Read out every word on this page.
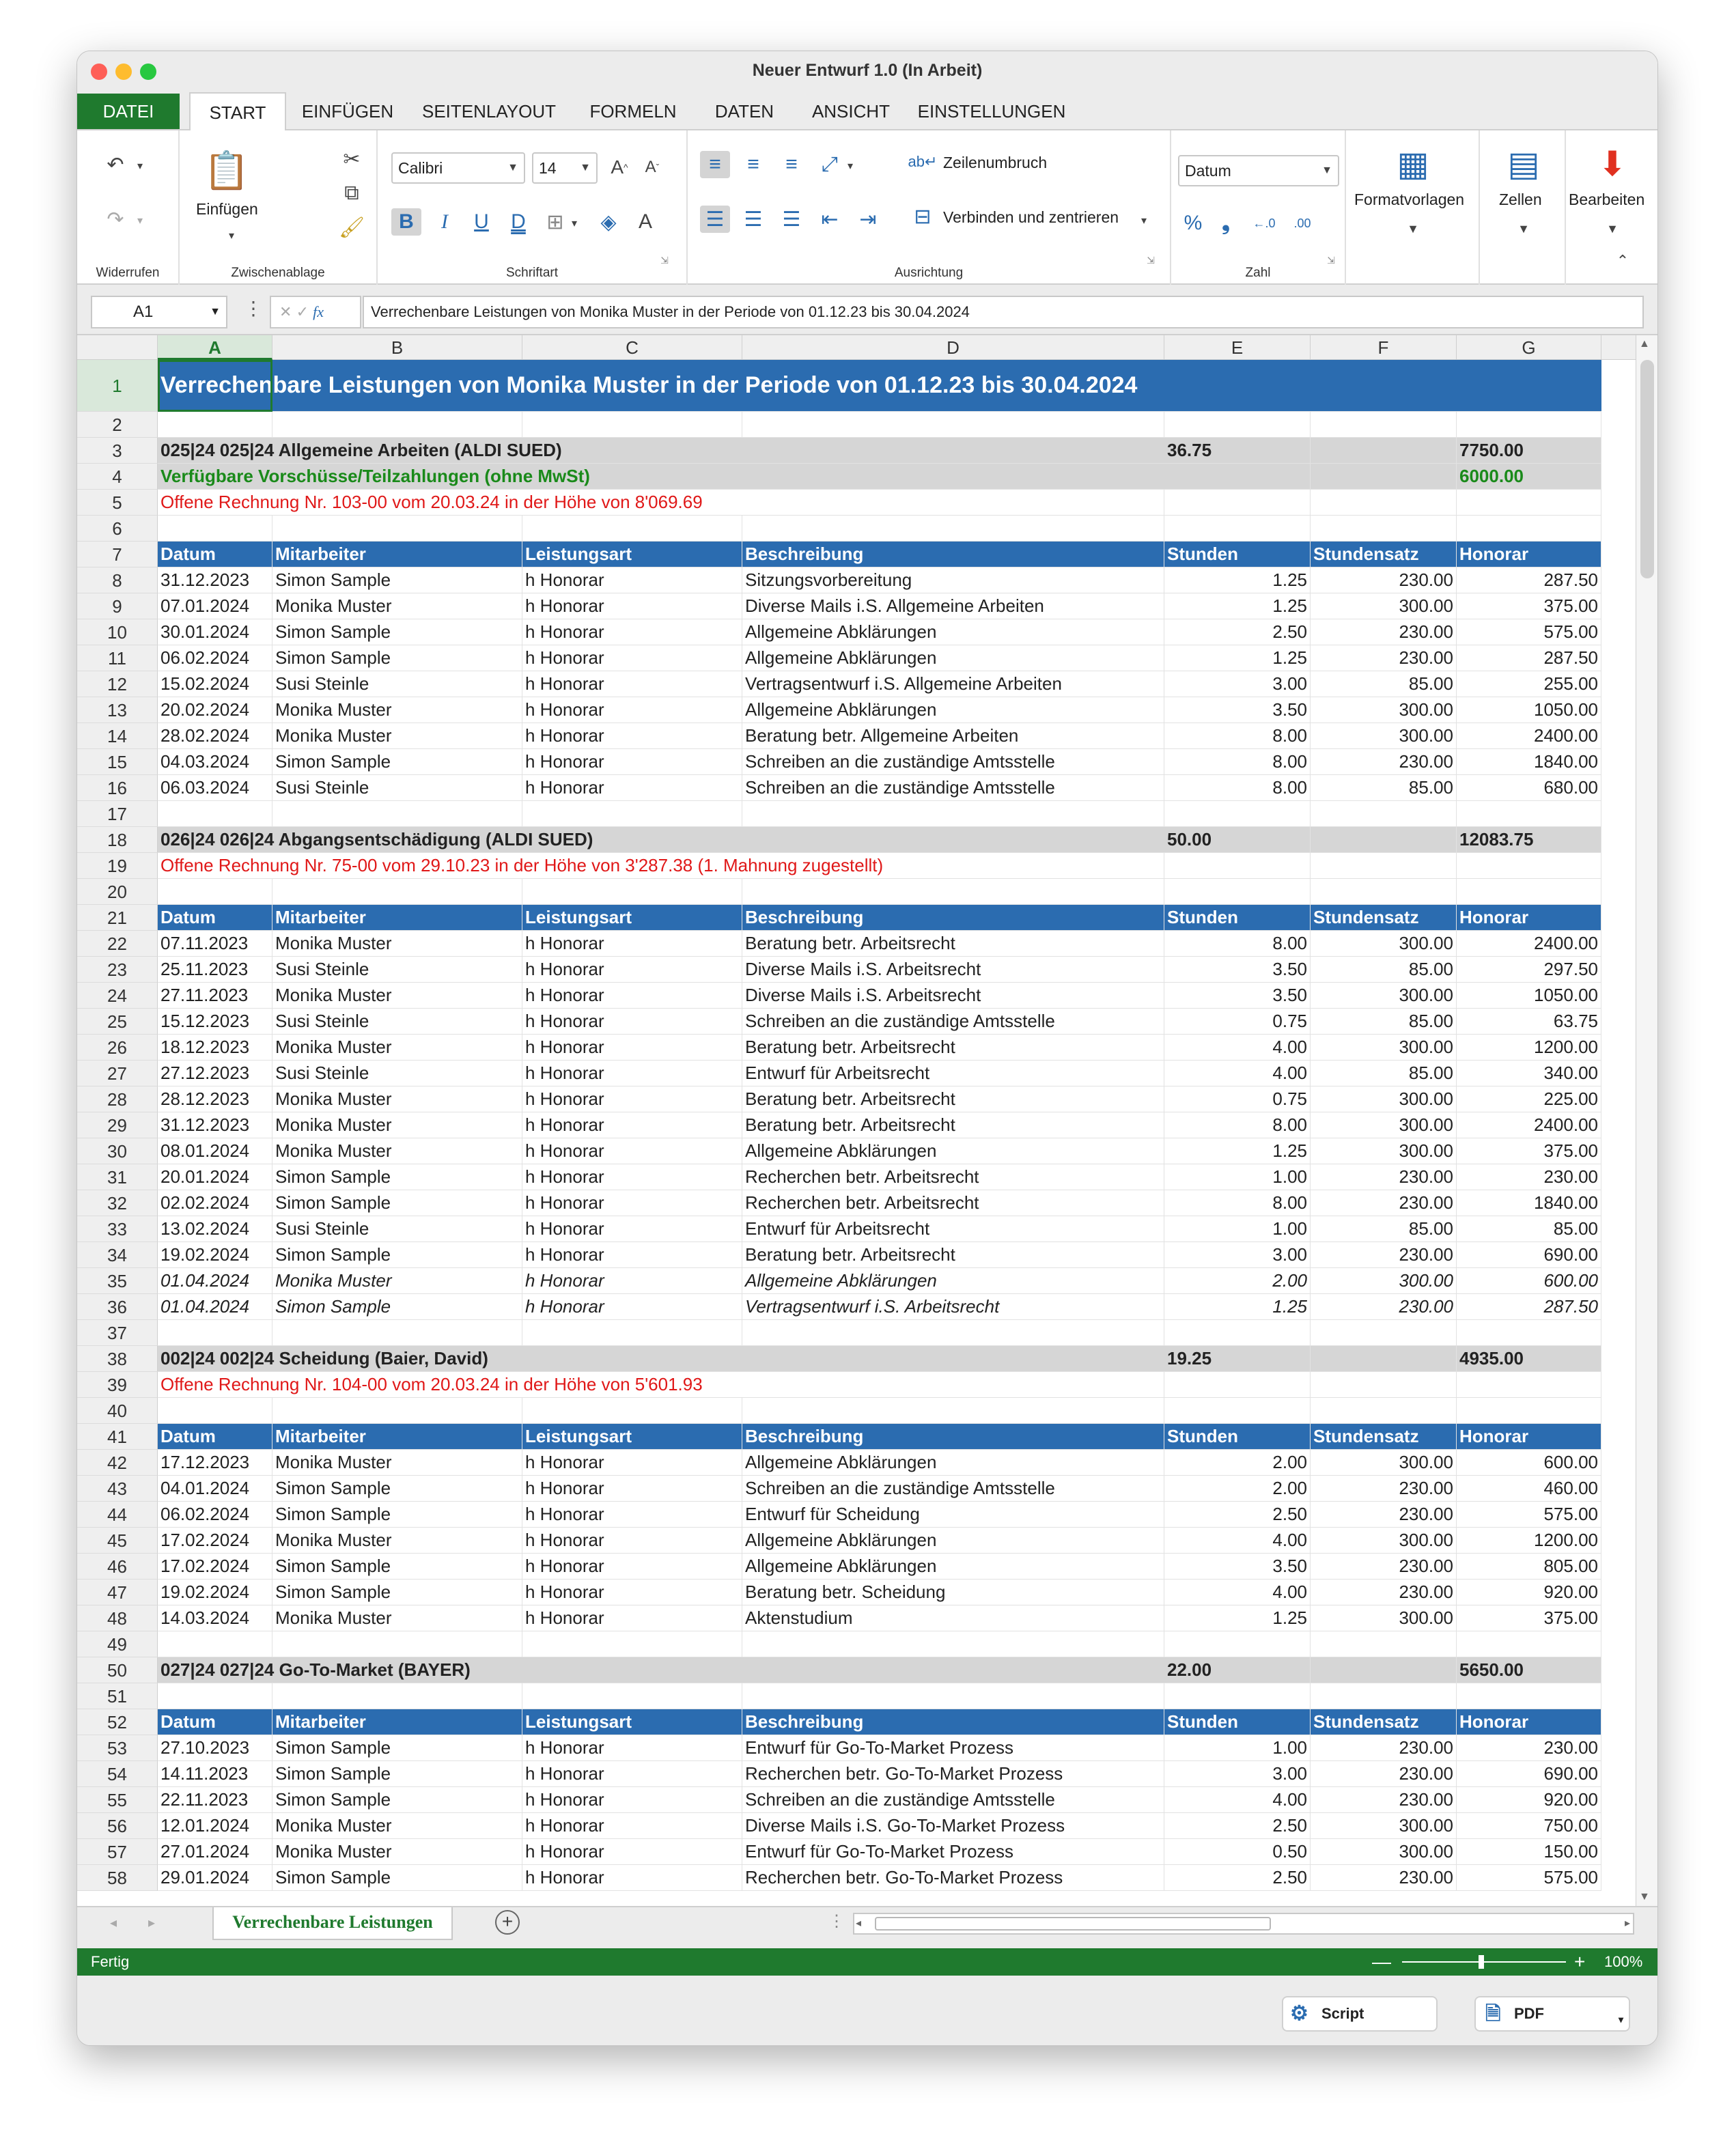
Neuer Entwurf 1.0 (In Arbeit)
DATEI	START	EINFÜGEN	SEITENLAYOUT	FORMELN	DATEN	ANSICHT	EINSTELLUNGEN
↶	▾
↷	▾
Widerrufen
📋
Einfügen
▾
✂
⧉
🖌
Zwischenablage
Calibri	▼	14 ▼	A ^	A ˇ
B	I	U	D	⊞ ▾	◈	A
⇲
Schriftart
≡	≡	≡	⤢ ▾
☰ ☰ ☰ ⇤	⇥
ab↵ Zeilenumbruch
⊟ Verbinden und zentrieren	▾
⇲
Ausrichtung
Datum	▼
% ❟	←.0	.00
⇲
Zahl
▦
Formatvorlagen
▼
▤
Zellen
▼
⬇
Bearbeiten
▼
⌃
A1	▼ ⋮	✕ ✓ fx	Verrechenbare Leistungen von Monika Muster in der Periode von 01.12.23 bis 30.04.2024
A	B	C	D	E	F	G
1	Verrechenbare Leistungen von Monika Muster in der Periode von 01.12.23 bis 30.04.2024
2
3	025|24 025|24 Allgemeine Arbeiten (ALDI SUED)	36.75	7750.00
4	Verfügbare Vorschüsse/Teilzahlungen (ohne MwSt)	6000.00
5	Offene Rechnung Nr. 103-00 vom 20.03.24 in der Höhe von 8'069.69
6
7	Datum	Mitarbeiter	Leistungsart	Beschreibung	Stunden	Stundensatz	Honorar
8	31.12.2023	Simon Sample	h Honorar	Sitzungsvorbereitung	1.25	230.00	287.50
9	07.01.2024	Monika Muster	h Honorar	Diverse Mails i.S. Allgemeine Arbeiten	1.25	300.00	375.00
10	30.01.2024	Simon Sample	h Honorar	Allgemeine Abklärungen	2.50	230.00	575.00
11	06.02.2024	Simon Sample	h Honorar	Allgemeine Abklärungen	1.25	230.00	287.50
12	15.02.2024	Susi Steinle	h Honorar	Vertragsentwurf i.S. Allgemeine Arbeiten	3.00	85.00	255.00
13	20.02.2024	Monika Muster	h Honorar	Allgemeine Abklärungen	3.50	300.00	1050.00
14	28.02.2024	Monika Muster	h Honorar	Beratung betr. Allgemeine Arbeiten	8.00	300.00	2400.00
15	04.03.2024	Simon Sample	h Honorar	Schreiben an die zuständige Amtsstelle	8.00	230.00	1840.00
16	06.03.2024	Susi Steinle	h Honorar	Schreiben an die zuständige Amtsstelle	8.00	85.00	680.00
17
18	026|24 026|24 Abgangsentschädigung (ALDI SUED)	50.00	12083.75
19	Offene Rechnung Nr. 75-00 vom 29.10.23 in der Höhe von 3'287.38 (1. Mahnung zugestellt)
20
21	Datum	Mitarbeiter	Leistungsart	Beschreibung	Stunden	Stundensatz	Honorar
22	07.11.2023	Monika Muster	h Honorar	Beratung betr. Arbeitsrecht	8.00	300.00	2400.00
23	25.11.2023	Susi Steinle	h Honorar	Diverse Mails i.S. Arbeitsrecht	3.50	85.00	297.50
24	27.11.2023	Monika Muster	h Honorar	Diverse Mails i.S. Arbeitsrecht	3.50	300.00	1050.00
25	15.12.2023	Susi Steinle	h Honorar	Schreiben an die zuständige Amtsstelle	0.75	85.00	63.75
26	18.12.2023	Monika Muster	h Honorar	Beratung betr. Arbeitsrecht	4.00	300.00	1200.00
27	27.12.2023	Susi Steinle	h Honorar	Entwurf für Arbeitsrecht	4.00	85.00	340.00
28	28.12.2023	Monika Muster	h Honorar	Beratung betr. Arbeitsrecht	0.75	300.00	225.00
29	31.12.2023	Monika Muster	h Honorar	Beratung betr. Arbeitsrecht	8.00	300.00	2400.00
30	08.01.2024	Monika Muster	h Honorar	Allgemeine Abklärungen	1.25	300.00	375.00
31	20.01.2024	Simon Sample	h Honorar	Recherchen betr. Arbeitsrecht	1.00	230.00	230.00
32	02.02.2024	Simon Sample	h Honorar	Recherchen betr. Arbeitsrecht	8.00	230.00	1840.00
33	13.02.2024	Susi Steinle	h Honorar	Entwurf für Arbeitsrecht	1.00	85.00	85.00
34	19.02.2024	Simon Sample	h Honorar	Beratung betr. Arbeitsrecht	3.00	230.00	690.00
35	01.04.2024	Monika Muster	h Honorar	Allgemeine Abklärungen	2.00	300.00	600.00
36	01.04.2024	Simon Sample	h Honorar	Vertragsentwurf i.S. Arbeitsrecht	1.25	230.00	287.50
37
38	002|24 002|24 Scheidung (Baier, David)	19.25	4935.00
39	Offene Rechnung Nr. 104-00 vom 20.03.24 in der Höhe von 5'601.93
40
41	Datum	Mitarbeiter	Leistungsart	Beschreibung	Stunden	Stundensatz	Honorar
42	17.12.2023	Monika Muster	h Honorar	Allgemeine Abklärungen	2.00	300.00	600.00
43	04.01.2024	Simon Sample	h Honorar	Schreiben an die zuständige Amtsstelle	2.00	230.00	460.00
44	06.02.2024	Simon Sample	h Honorar	Entwurf für Scheidung	2.50	230.00	575.00
45	17.02.2024	Monika Muster	h Honorar	Allgemeine Abklärungen	4.00	300.00	1200.00
46	17.02.2024	Simon Sample	h Honorar	Allgemeine Abklärungen	3.50	230.00	805.00
47	19.02.2024	Simon Sample	h Honorar	Beratung betr. Scheidung	4.00	230.00	920.00
48	14.03.2024	Monika Muster	h Honorar	Aktenstudium	1.25	300.00	375.00
49
50	027|24 027|24 Go-To-Market (BAYER)	22.00	5650.00
51
52	Datum	Mitarbeiter	Leistungsart	Beschreibung	Stunden	Stundensatz	Honorar
53	27.10.2023	Simon Sample	h Honorar	Entwurf für Go-To-Market Prozess	1.00	230.00	230.00
54	14.11.2023	Simon Sample	h Honorar	Recherchen betr. Go-To-Market Prozess	3.00	230.00	690.00
55	22.11.2023	Simon Sample	h Honorar	Schreiben an die zuständige Amtsstelle	4.00	230.00	920.00
56	12.01.2024	Monika Muster	h Honorar	Diverse Mails i.S. Go-To-Market Prozess	2.50	300.00	750.00
57	27.01.2024	Monika Muster	h Honorar	Entwurf für Go-To-Market Prozess	0.50	300.00	150.00
58	29.01.2024	Simon Sample	h Honorar	Recherchen betr. Go-To-Market Prozess	2.50	230.00	575.00
▲
▼
◂ ▸	Verrechenbare Leistungen	+	⋮ ◂	▸
Fertig	—	+ 100%
⚙ Script	🗎 PDF	▾
